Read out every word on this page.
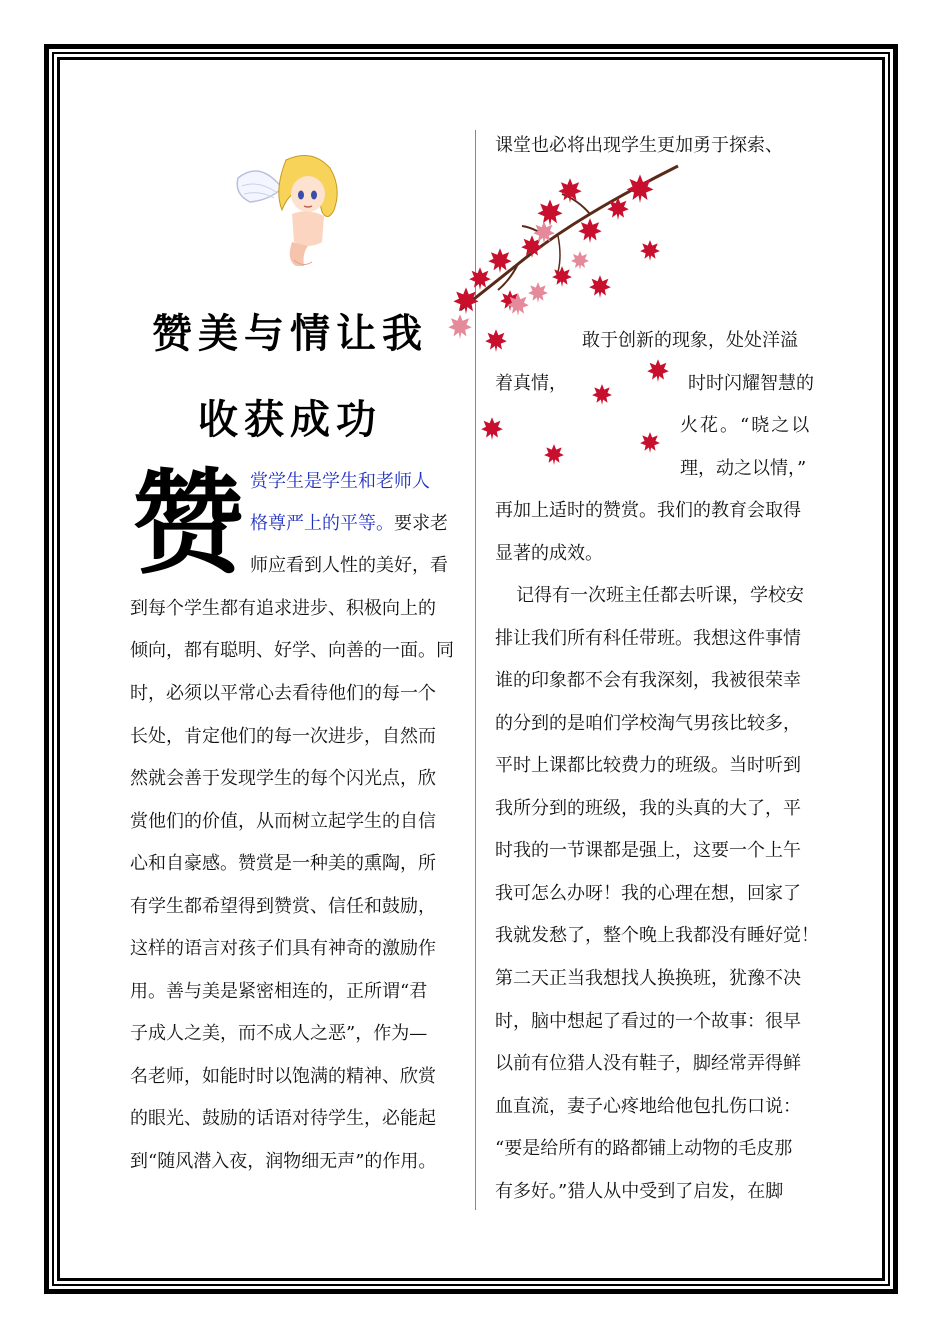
赞美与情让我
收获成功
赞 赏学生是学生和老师人
格尊严上的平等。要求老
师应看到人性的美好，看
到每个学生都有追求进步、积极向上的
倾向，都有聪明、好学、向善的一面。同
时，必须以平常心去看待他们的每一个
长处，肯定他们的每一次进步，自然而
然就会善于发现学生的每个闪光点，欣
赏他们的价值，从而树立起学生的自信
心和自豪感。赞赏是一种美的熏陶，所
有学生都希望得到赞赏、信任和鼓励，
这样的语言对孩子们具有神奇的激励作
用。善与美是紧密相连的，正所谓“君
子成人之美，而不成人之恶”，作为—
名老师，如能时时以饱满的精神、欣赏
的眼光、鼓励的话语对待学生，必能起
到“随风潜入夜，润物细无声”的作用。
课堂也必将出现学生更加勇于探索、
敢于创新的现象，处处洋溢
着真情，	时时闪耀智慧的
火花。“晓之以
理，动之以情，”
再加上适时的赞赏。我们的教育会取得
显著的成效。
记得有一次班主任都去听课，学校安
排让我们所有科任带班。我想这件事情
谁的印象都不会有我深刻，我被很荣幸
的分到的是咱们学校淘气男孩比较多，
平时上课都比较费力的班级。当时听到
我所分到的班级，我的头真的大了，平
时我的一节课都是强上，这要一个上午
我可怎么办呀！我的心理在想，回家了
我就发愁了，整个晚上我都没有睡好觉！
第二天正当我想找人换换班，犹豫不决
时，脑中想起了看过的一个故事：很早
以前有位猎人没有鞋子，脚经常弄得鲜
血直流，妻子心疼地给他包扎伤口说：
“要是给所有的路都铺上动物的毛皮那
有多好。”猎人从中受到了启发，在脚
